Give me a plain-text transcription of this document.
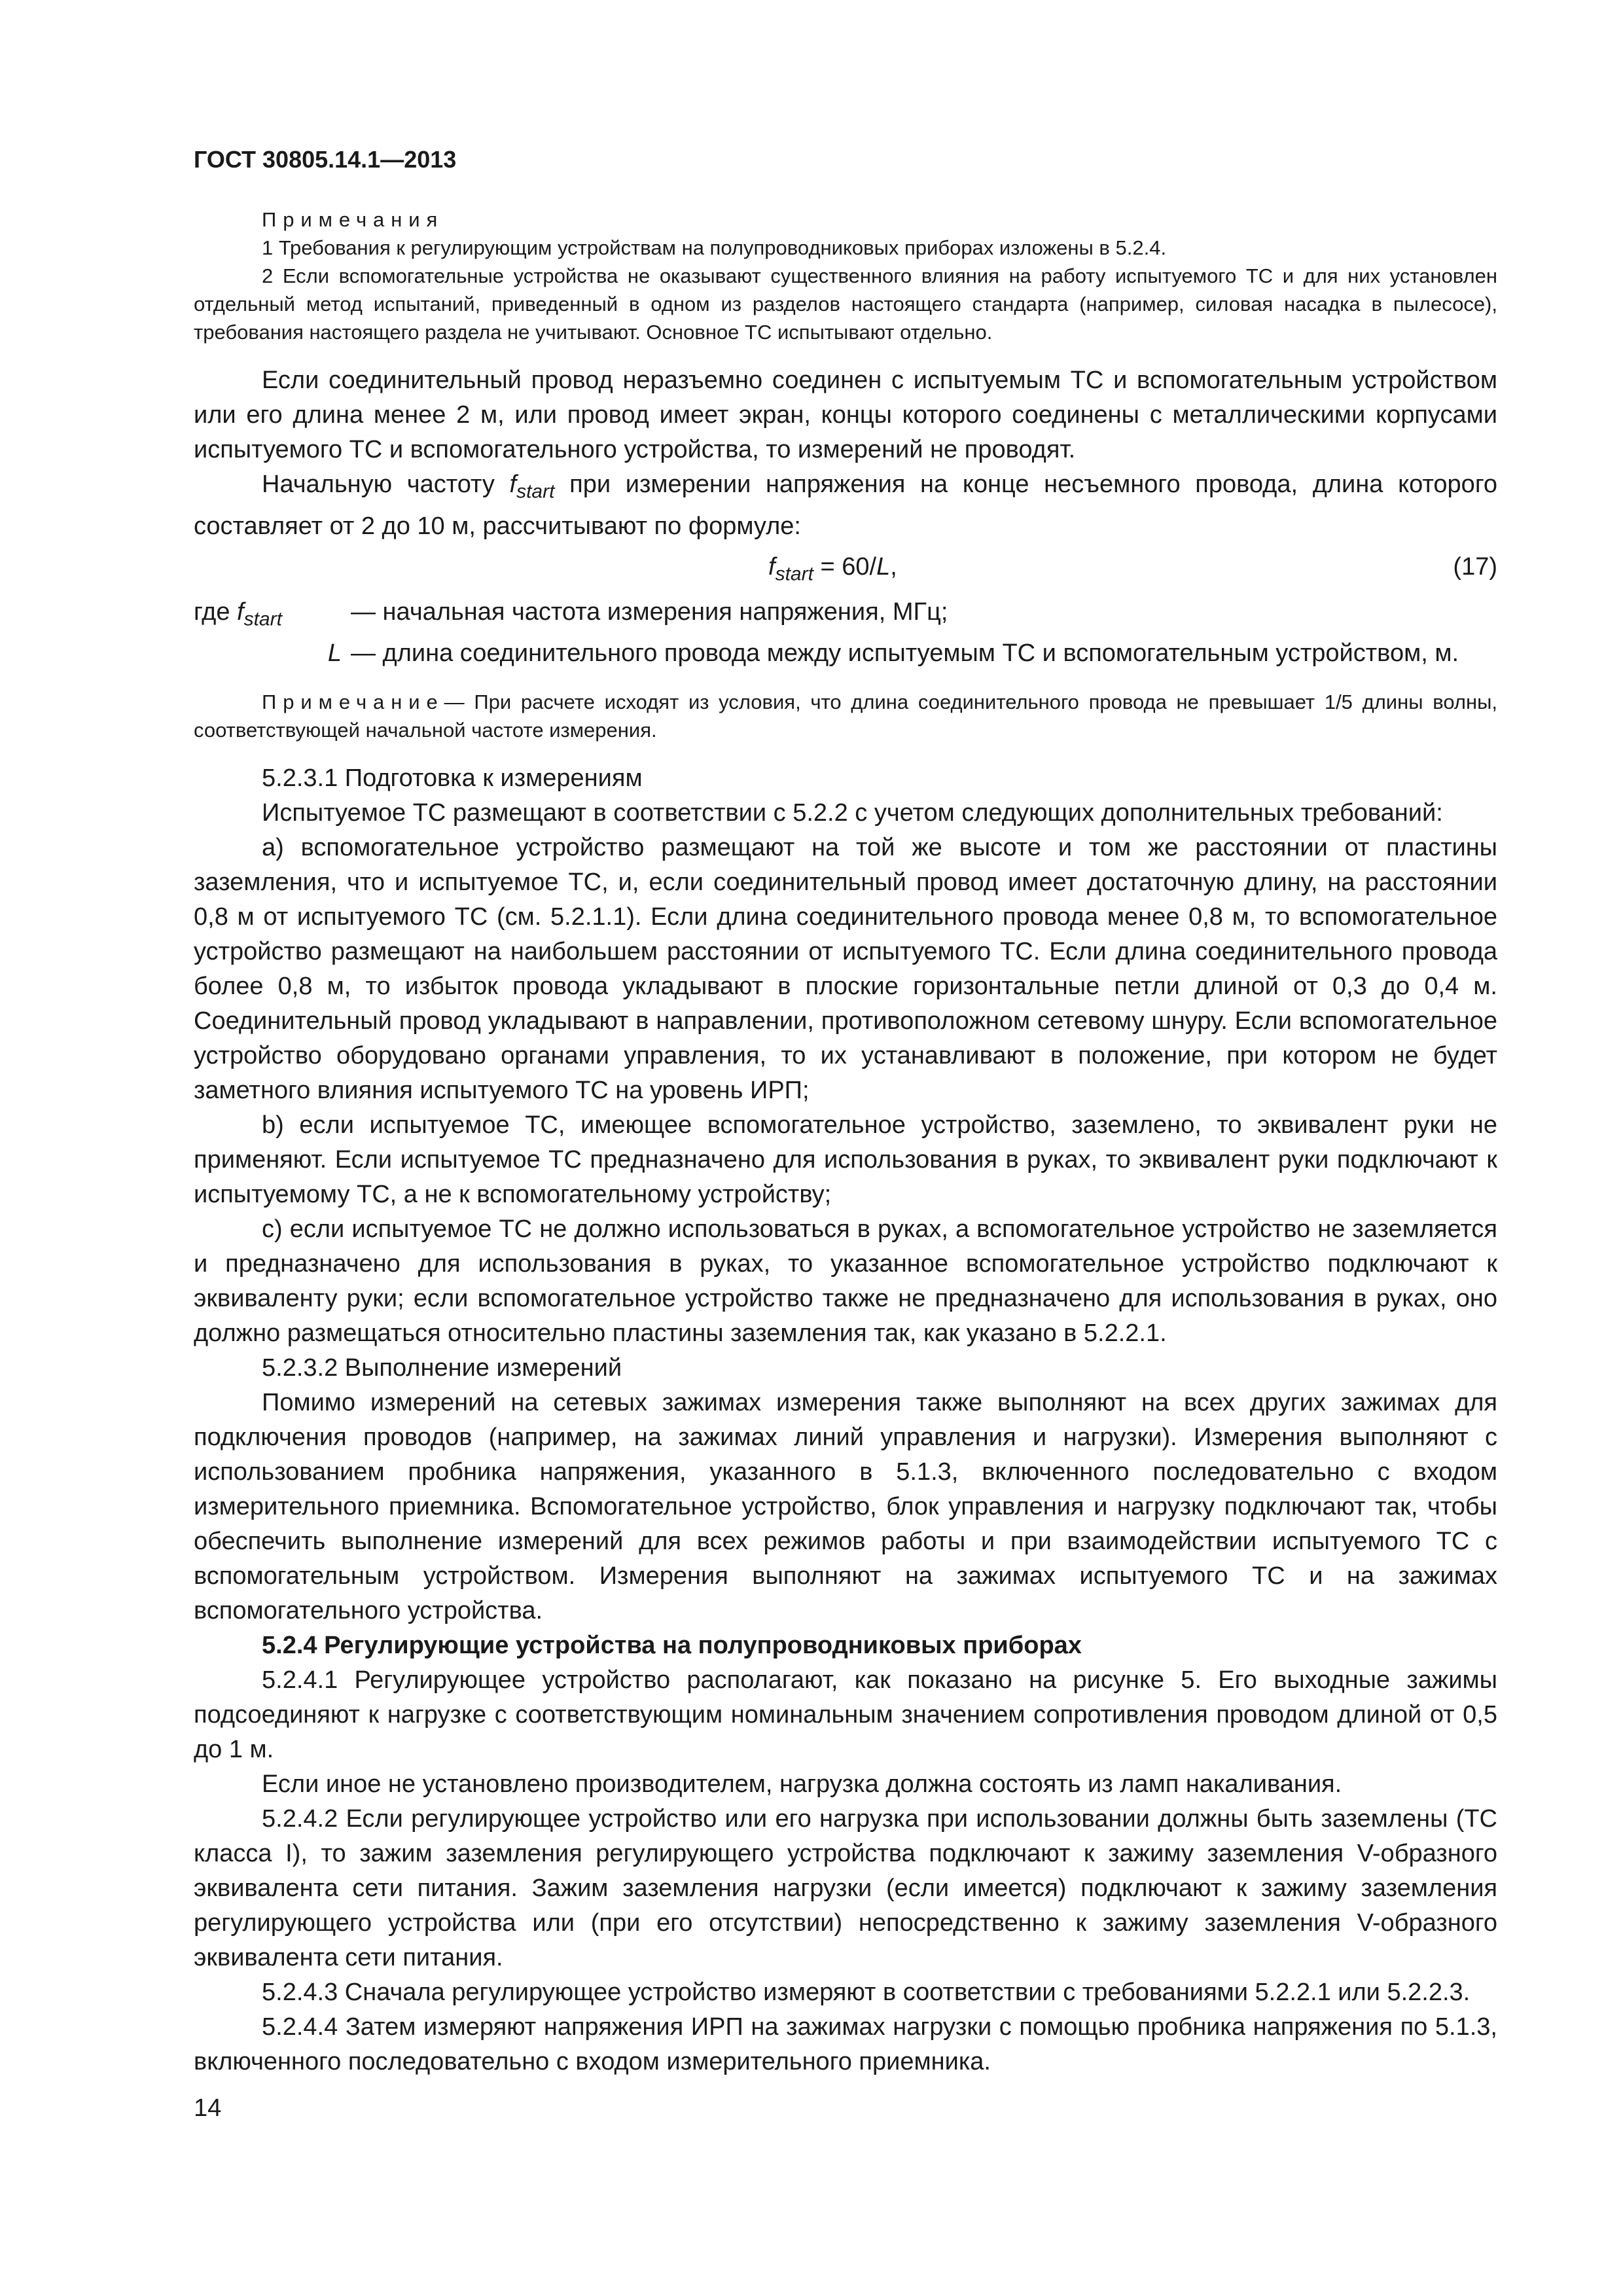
ГОСТ 30805.14.1—2013

Примечания

1 Требования к регулирующим устройствам на полупроводниковых приборах изложены в 5.2.4.

2 Если вспомогательные устройства не оказывают существенного влияния на работу испытуемого ТС и для них установлен отдельный метод испытаний, приведенный в одном из разделов настоящего стандарта (например, силовая насадка в пылесосе), требования настоящего раздела не учитывают. Основное ТС испытывают отдельно.

Если соединительный провод неразъемно соединен с испытуемым ТС и вспомогательным устройством или его длина менее 2 м, или провод имеет экран, концы которого соединены с металлическими корпусами испытуемого ТС и вспомогательного устройства, то измерений не проводят.

Начальную частоту $f_{start}$ при измерении напряжения на конце несъемного провода, длина которого составляет от 2 до 10 м, рассчитывают по формуле:

$f_{start} = 60/L$,	(17)
где $f_{start}$	— начальная частота измерения напряжения, МГц;
L — длина соединительного провода между испытуемым ТС и вспомогательным устройством, м.

Примечание— При расчете исходят из условия, что длина соединительного провода не превышает 1/5 длины волны, соответствующей начальной частоте измерения.

5.2.3.1 Подготовка к измерениям

Испытуемое ТС размещают в соответствии с 5.2.2 с учетом следующих дополнительных требований:

a) вспомогательное устройство размещают на той же высоте и том же расстоянии от пластины заземления, что и испытуемое ТС, и, если соединительный провод имеет достаточную длину, на расстоянии 0,8 м от испытуемого ТС (см. 5.2.1.1). Если длина соединительного провода менее 0,8 м, то вспомогательное устройство размещают на наибольшем расстоянии от испытуемого ТС. Если длина соединительного провода более 0,8 м, то избыток провода укладывают в плоские горизонтальные петли длиной от 0,3 до 0,4 м. Соединительный провод укладывают в направлении, противоположном сетевому шнуру. Если вспомогательное устройство оборудовано органами управления, то их устанавливают в положение, при котором не будет заметного влияния испытуемого ТС на уровень ИРП;

b) если испытуемое ТС, имеющее вспомогательное устройство, заземлено, то эквивалент руки не применяют. Если испытуемое ТС предназначено для использования в руках, то эквивалент руки подключают к испытуемому ТС, а не к вспомогательному устройству;

c) если испытуемое ТС не должно использоваться в руках, а вспомогательное устройство не заземляется и предназначено для использования в руках, то указанное вспомогательное устройство подключают к эквиваленту руки; если вспомогательное устройство также не предназначено для использования в руках, оно должно размещаться относительно пластины заземления так, как указано в 5.2.2.1.

5.2.3.2 Выполнение измерений

Помимо измерений на сетевых зажимах измерения также выполняют на всех других зажимах для подключения проводов (например, на зажимах линий управления и нагрузки). Измерения выполняют с использованием пробника напряжения, указанного в 5.1.3, включенного последовательно с входом измерительного приемника. Вспомогательное устройство, блок управления и нагрузку подключают так, чтобы обеспечить выполнение измерений для всех режимов работы и при взаимодействии испытуемого ТС с вспомогательным устройством. Измерения выполняют на зажимах испытуемого ТС и на зажимах вспомогательного устройства.

5.2.4 Регулирующие устройства на полупроводниковых приборах

5.2.4.1 Регулирующее устройство располагают, как показано на рисунке 5. Его выходные зажимы подсоединяют к нагрузке с соответствующим номинальным значением сопротивления проводом длиной от 0,5 до 1 м.

Если иное не установлено производителем, нагрузка должна состоять из ламп накаливания.

5.2.4.2 Если регулирующее устройство или его нагрузка при использовании должны быть заземлены (ТС класса I), то зажим заземления регулирующего устройства подключают к зажиму заземления V-образного эквивалента сети питания. Зажим заземления нагрузки (если имеется) подключают к зажиму заземления регулирующего устройства или (при его отсутствии) непосредственно к зажиму заземления V-образного эквивалента сети питания.

5.2.4.3 Сначала регулирующее устройство измеряют в соответствии с требованиями 5.2.2.1 или 5.2.2.3.

5.2.4.4 Затем измеряют напряжения ИРП на зажимах нагрузки с помощью пробника напряжения по 5.1.3, включенного последовательно с входом измерительного приемника.

14
